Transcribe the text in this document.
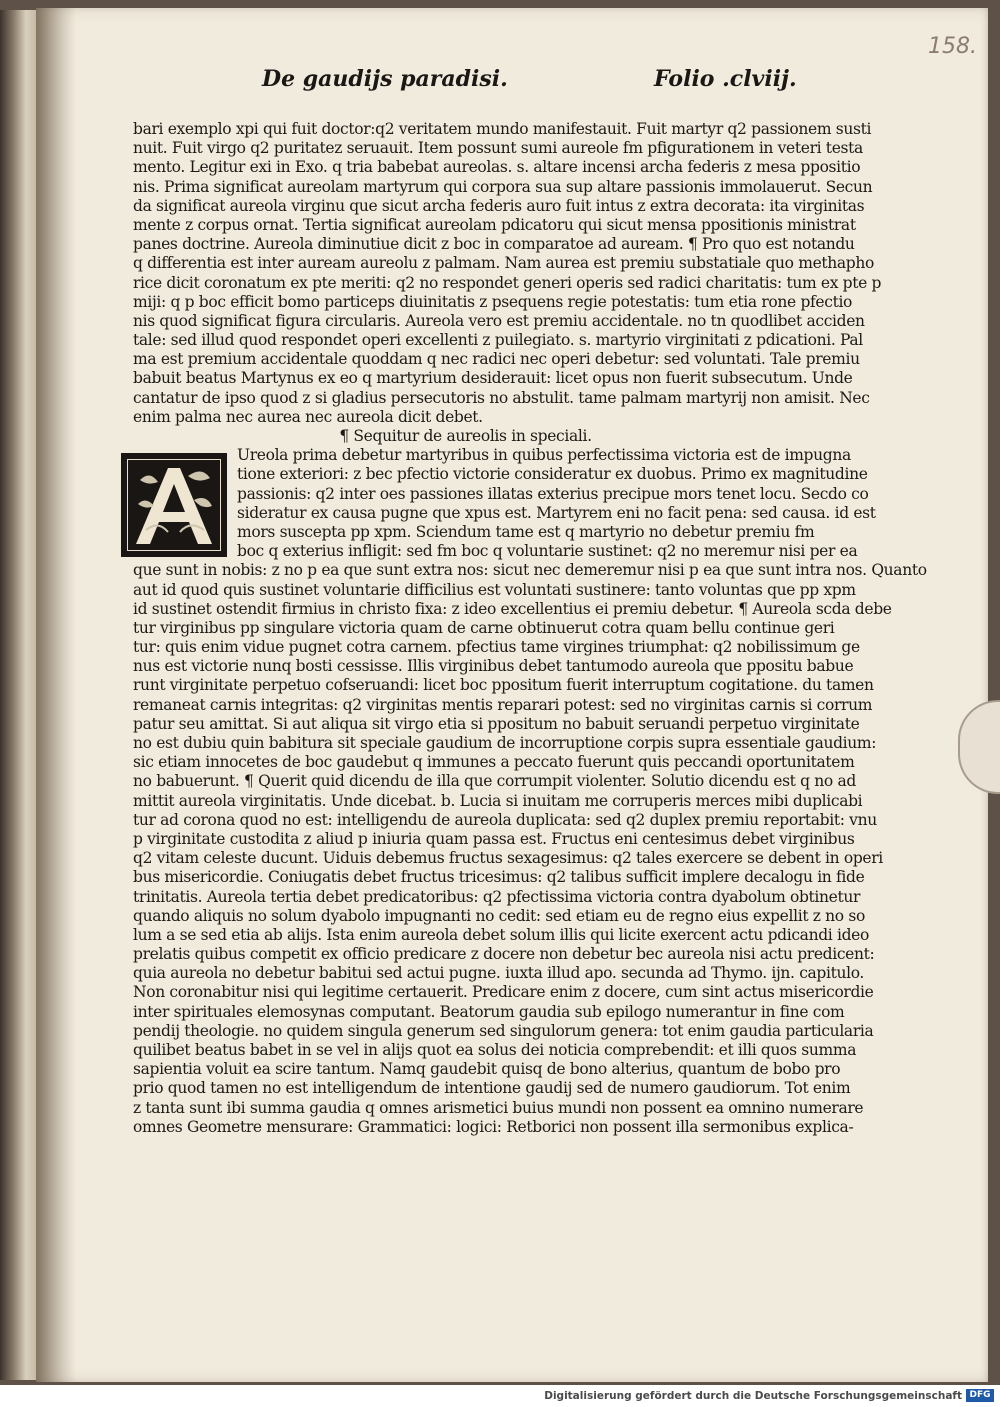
158.
De gaudijs paradisi.	Folio .clviij.
bari exemplo xpi qui fuit doctor:q2 veritatem mundo manifestauit. Fuit martyr q2 passionem susti
nuit. Fuit virgo q2 puritatez seruauit. Item possunt sumi aureole fm pfigurationem in veteri testa
mento. Legitur exi in Exo. q tria babebat aureolas. s. altare incensi archa federis z mesa ppositio
nis. Prima significat aureolam martyrum qui corpora sua sup altare passionis immolauerut. Secun
da significat aureola virginu que sicut archa federis auro fuit intus z extra decorata: ita virginitas
mente z corpus ornat. Tertia significat aureolam pdicatoru qui sicut mensa ppositionis ministrat
panes doctrine. Aureola diminutiue dicit z boc in comparatoe ad auream. ¶ Pro quo est notandu
q differentia est inter auream aureolu z palmam. Nam aurea est premiu substatiale quo methapho
rice dicit coronatum ex pte meriti: q2 no respondet generi operis sed radici charitatis: tum ex pte p
miji: q p boc efficit bomo particeps diuinitatis z psequens regie potestatis: tum etia rone pfectio
nis quod significat figura circularis. Aureola vero est premiu accidentale. no tn quodlibet acciden
tale: sed illud quod respondet operi excellenti z puilegiato. s. martyrio virginitati z pdicationi. Pal
ma est premium accidentale quoddam q nec radici nec operi debetur: sed voluntati. Tale premiu
babuit beatus Martynus ex eo q martyrium desiderauit: licet opus non fuerit subsecutum. Unde
cantatur de ipso quod z si gladius persecutoris no abstulit. tame palmam martyrij non amisit. Nec
enim palma nec aurea nec aureola dicit debet.
¶ Sequitur de aureolis in speciali.
Ureola prima debetur martyribus in quibus perfectissima victoria est de impugna
tione exteriori: z bec pfectio victorie consideratur ex duobus. Primo ex magnitudine
passionis: q2 inter oes passiones illatas exterius precipue mors tenet locu. Secdo co
sideratur ex causa pugne que xpus est. Martyrem eni no facit pena: sed causa. id est
mors suscepta pp xpm. Sciendum tame est q martyrio no debetur premiu fm
boc q exterius infligit: sed fm boc q voluntarie sustinet: q2 no meremur nisi per ea
que sunt in nobis: z no p ea que sunt extra nos: sicut nec demeremur nisi p ea que sunt intra nos. Quanto
aut id quod quis sustinet voluntarie difficilius est voluntati sustinere: tanto voluntas que pp xpm
id sustinet ostendit firmius in christo fixa: z ideo excellentius ei premiu debetur. ¶ Aureola scda debe
tur virginibus pp singulare victoria quam de carne obtinuerut cotra quam bellu continue geri
tur: quis enim vidue pugnet cotra carnem. pfectius tame virgines triumphat: q2 nobilissimum ge
nus est victorie nunq bosti cessisse. Illis virginibus debet tantumodo aureola que ppositu babue
runt virginitate perpetuo cofseruandi: licet boc ppositum fuerit interruptum cogitatione. du tamen
remaneat carnis integritas: q2 virginitas mentis reparari potest: sed no virginitas carnis si corrum
patur seu amittat. Si aut aliqua sit virgo etia si ppositum no babuit seruandi perpetuo virginitate
no est dubiu quin babitura sit speciale gaudium de incorruptione corpis supra essentiale gaudium:
sic etiam innocetes de boc gaudebut q immunes a peccato fuerunt quis peccandi oportunitatem
no babuerunt. ¶ Querit quid dicendu de illa que corrumpit violenter. Solutio dicendu est q no ad
mittit aureola virginitatis. Unde dicebat. b. Lucia si inuitam me corruperis merces mibi duplicabi
tur ad corona quod no est: intelligendu de aureola duplicata: sed q2 duplex premiu reportabit: vnu
p virginitate custodita z aliud p iniuria quam passa est. Fructus eni centesimus debet virginibus
q2 vitam celeste ducunt. Uiduis debemus fructus sexagesimus: q2 tales exercere se debent in operi
bus misericordie. Coniugatis debet fructus tricesimus: q2 talibus sufficit implere decalogu in fide
trinitatis. Aureola tertia debet predicatoribus: q2 pfectissima victoria contra dyabolum obtinetur
quando aliquis no solum dyabolo impugnanti no cedit: sed etiam eu de regno eius expellit z no so
lum a se sed etia ab alijs. Ista enim aureola debet solum illis qui licite exercent actu pdicandi ideo
prelatis quibus competit ex officio predicare z docere non debetur bec aureola nisi actu predicent:
quia aureola no debetur babitui sed actui pugne. iuxta illud apo. secunda ad Thymo. ijn. capitulo.
Non coronabitur nisi qui legitime certauerit. Predicare enim z docere, cum sint actus misericordie
inter spirituales elemosynas computant. Beatorum gaudia sub epilogo numerantur in fine com
pendij theologie. no quidem singula generum sed singulorum genera: tot enim gaudia particularia
quilibet beatus babet in se vel in alijs quot ea solus dei noticia comprebendit: et illi quos summa
sapientia voluit ea scire tantum. Namq gaudebit quisq de bono alterius, quantum de bobo pro
prio quod tamen no est intelligendum de intentione gaudij sed de numero gaudiorum. Tot enim
z tanta sunt ibi summa gaudia q omnes arismetici buius mundi non possent ea omnino numerare
omnes Geometre mensurare: Grammatici: logici: Retborici non possent illa sermonibus explica-
Digitalisierung gefördert durch die Deutsche Forschungsgemeinschaft DFG
